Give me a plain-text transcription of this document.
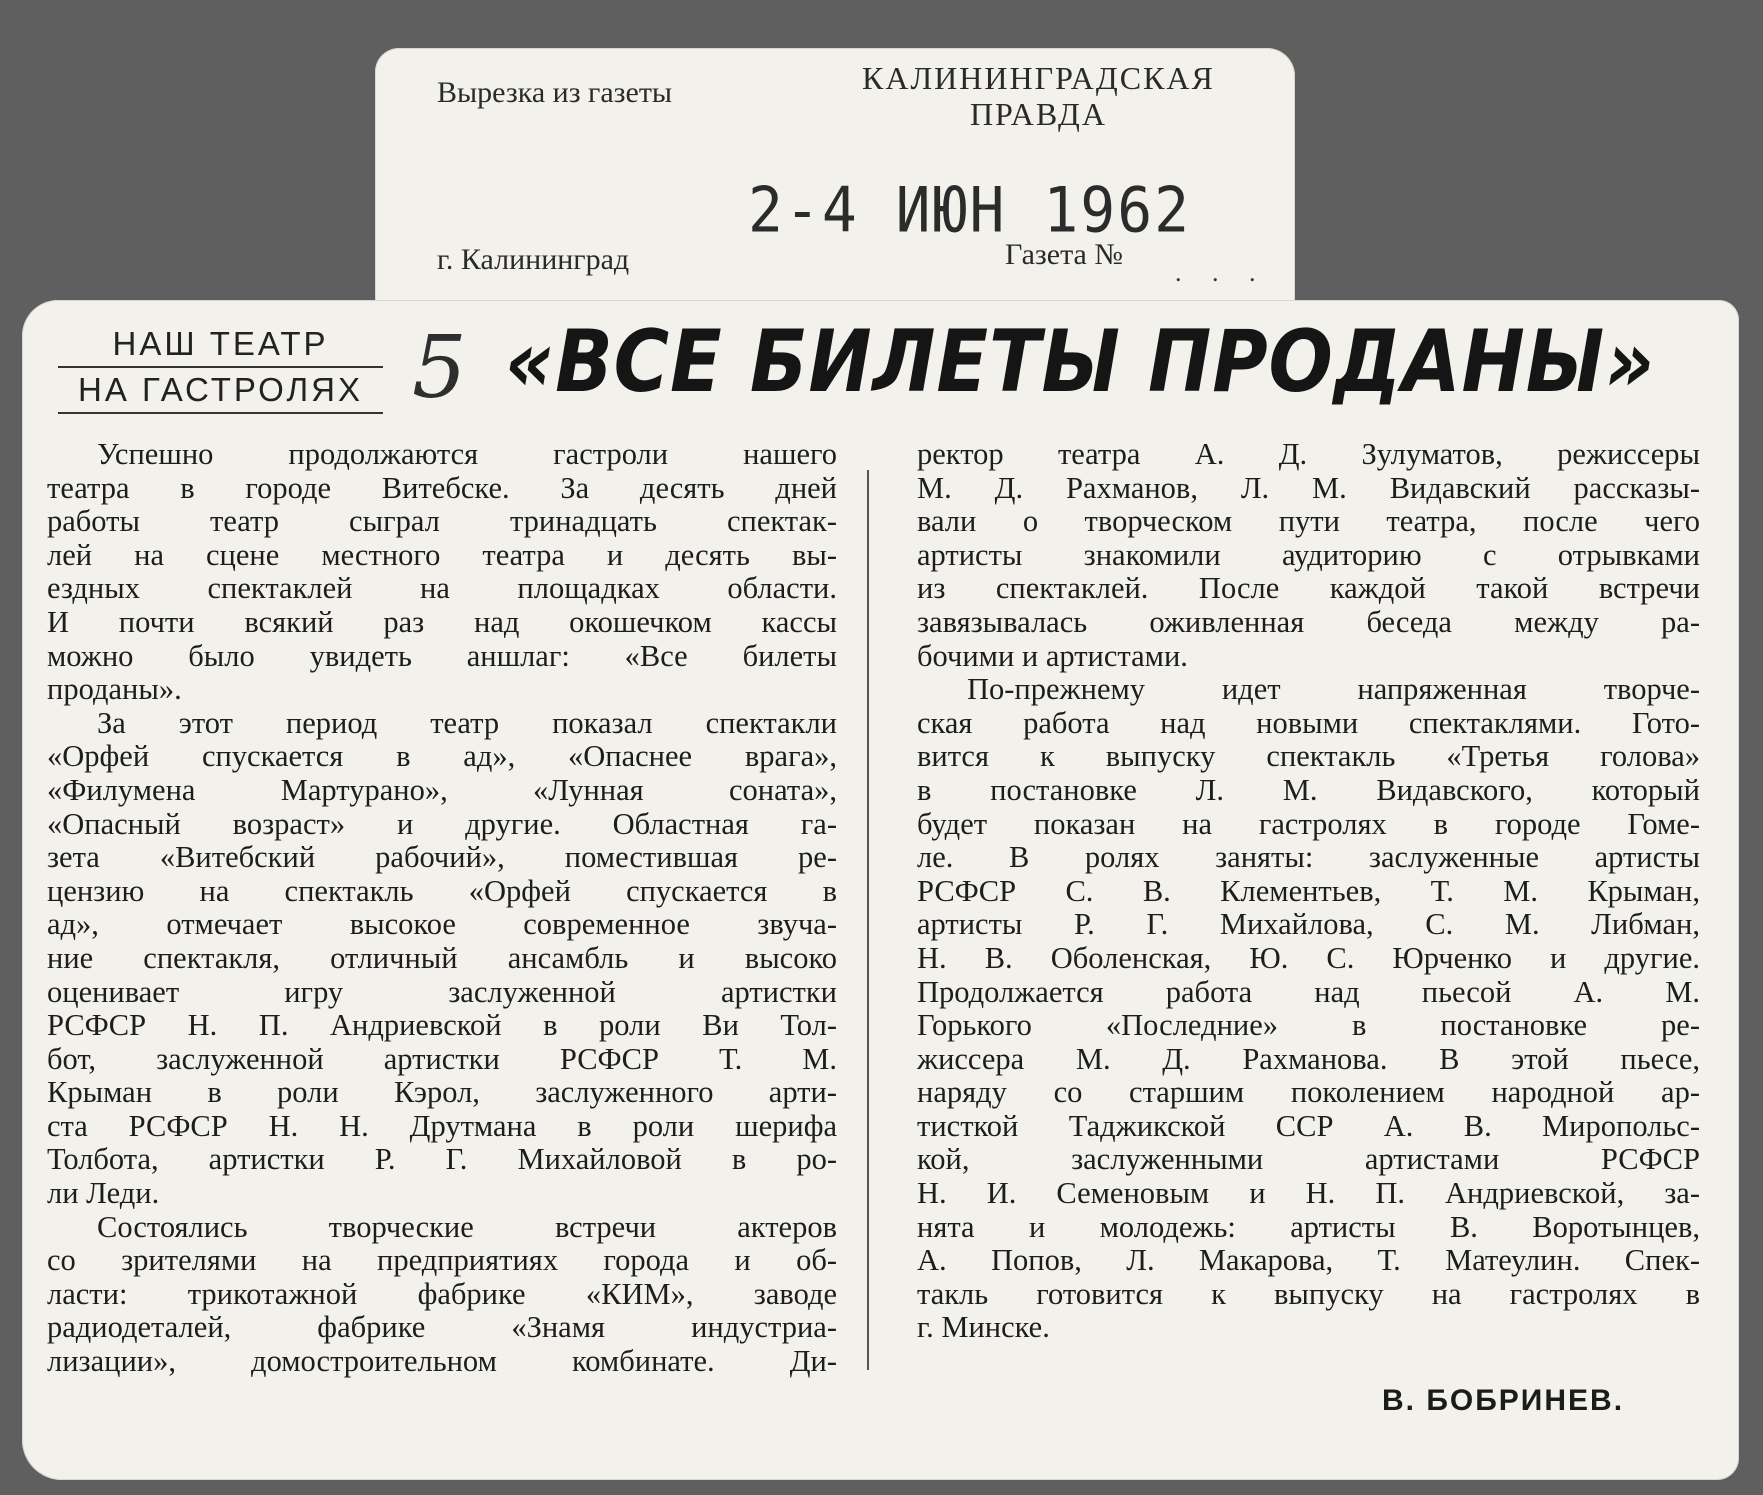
Вырезка из газеты	КАЛИНИНГРАДСКАЯ
ПРАВДА
2-4 ИЮН 1962
г. Калининград	Газета №
. . .
НАШ ТЕАТР
НА ГАСТРОЛЯХ 5 «ВСЕ БИЛЕТЫ ПРОДАНЫ»
Успешно продолжаются гастроли нашего
театра в городе Витебске. За десять дней
работы театр сыграл тринадцать спектак-
лей на сцене местного театра и десять вы-
ездных спектаклей на площадках области.
И почти всякий раз над окошечком кассы
можно было увидеть аншлаг: «Все билеты
проданы».
За этот период театр показал спектакли
«Орфей спускается в ад», «Опаснее врага»,
«Филумена Мартурано», «Лунная соната»,
«Опасный возраст» и другие. Областная га-
зета «Витебский рабочий», поместившая ре-
цензию на спектакль «Орфей спускается в
ад», отмечает высокое современное звуча-
ние спектакля, отличный ансамбль и высоко
оценивает игру заслуженной артистки
РСФСР Н. П. Андриевской в роли Ви Тол-
бот, заслуженной артистки РСФСР Т. М.
Крыман в роли Кэрол, заслуженного арти-
ста РСФСР Н. Н. Друтмана в роли шерифа
Толбота, артистки Р. Г. Михайловой в ро-
ли Леди.
Состоялись творческие встречи актеров
со зрителями на предприятиях города и об-
ласти: трикотажной фабрике «КИМ», заводе
радиодеталей, фабрике «Знамя индустриа-
лизации», домостроительном комбинате. Ди-
ректор театра А. Д. Зулуматов, режиссеры
М. Д. Рахманов, Л. М. Видавский рассказы-
вали о творческом пути театра, после чего
артисты знакомили аудиторию с отрывками
из спектаклей. После каждой такой встречи
завязывалась оживленная беседа между ра-
бочими и артистами.
По-прежнему идет напряженная творче-
ская работа над новыми спектаклями. Гото-
вится к выпуску спектакль «Третья голова»
в постановке Л. М. Видавского, который
будет показан на гастролях в городе Гоме-
ле. В ролях заняты: заслуженные артисты
РСФСР С. В. Клементьев, Т. М. Крыман,
артисты Р. Г. Михайлова, С. М. Либман,
Н. В. Оболенская, Ю. С. Юрченко и другие.
Продолжается работа над пьесой А. М.
Горького «Последние» в постановке ре-
жиссера М. Д. Рахманова. В этой пьесе,
наряду со старшим поколением народной ар-
тисткой Таджикской ССР А. В. Миропольс-
кой, заслуженными артистами РСФСР
Н. И. Семеновым и Н. П. Андриевской, за-
нята и молодежь: артисты В. Воротынцев,
А. Попов, Л. Макарова, Т. Матеулин. Спек-
такль готовится к выпуску на гастролях в
г. Минске.
В. БОБРИНЕВ.
